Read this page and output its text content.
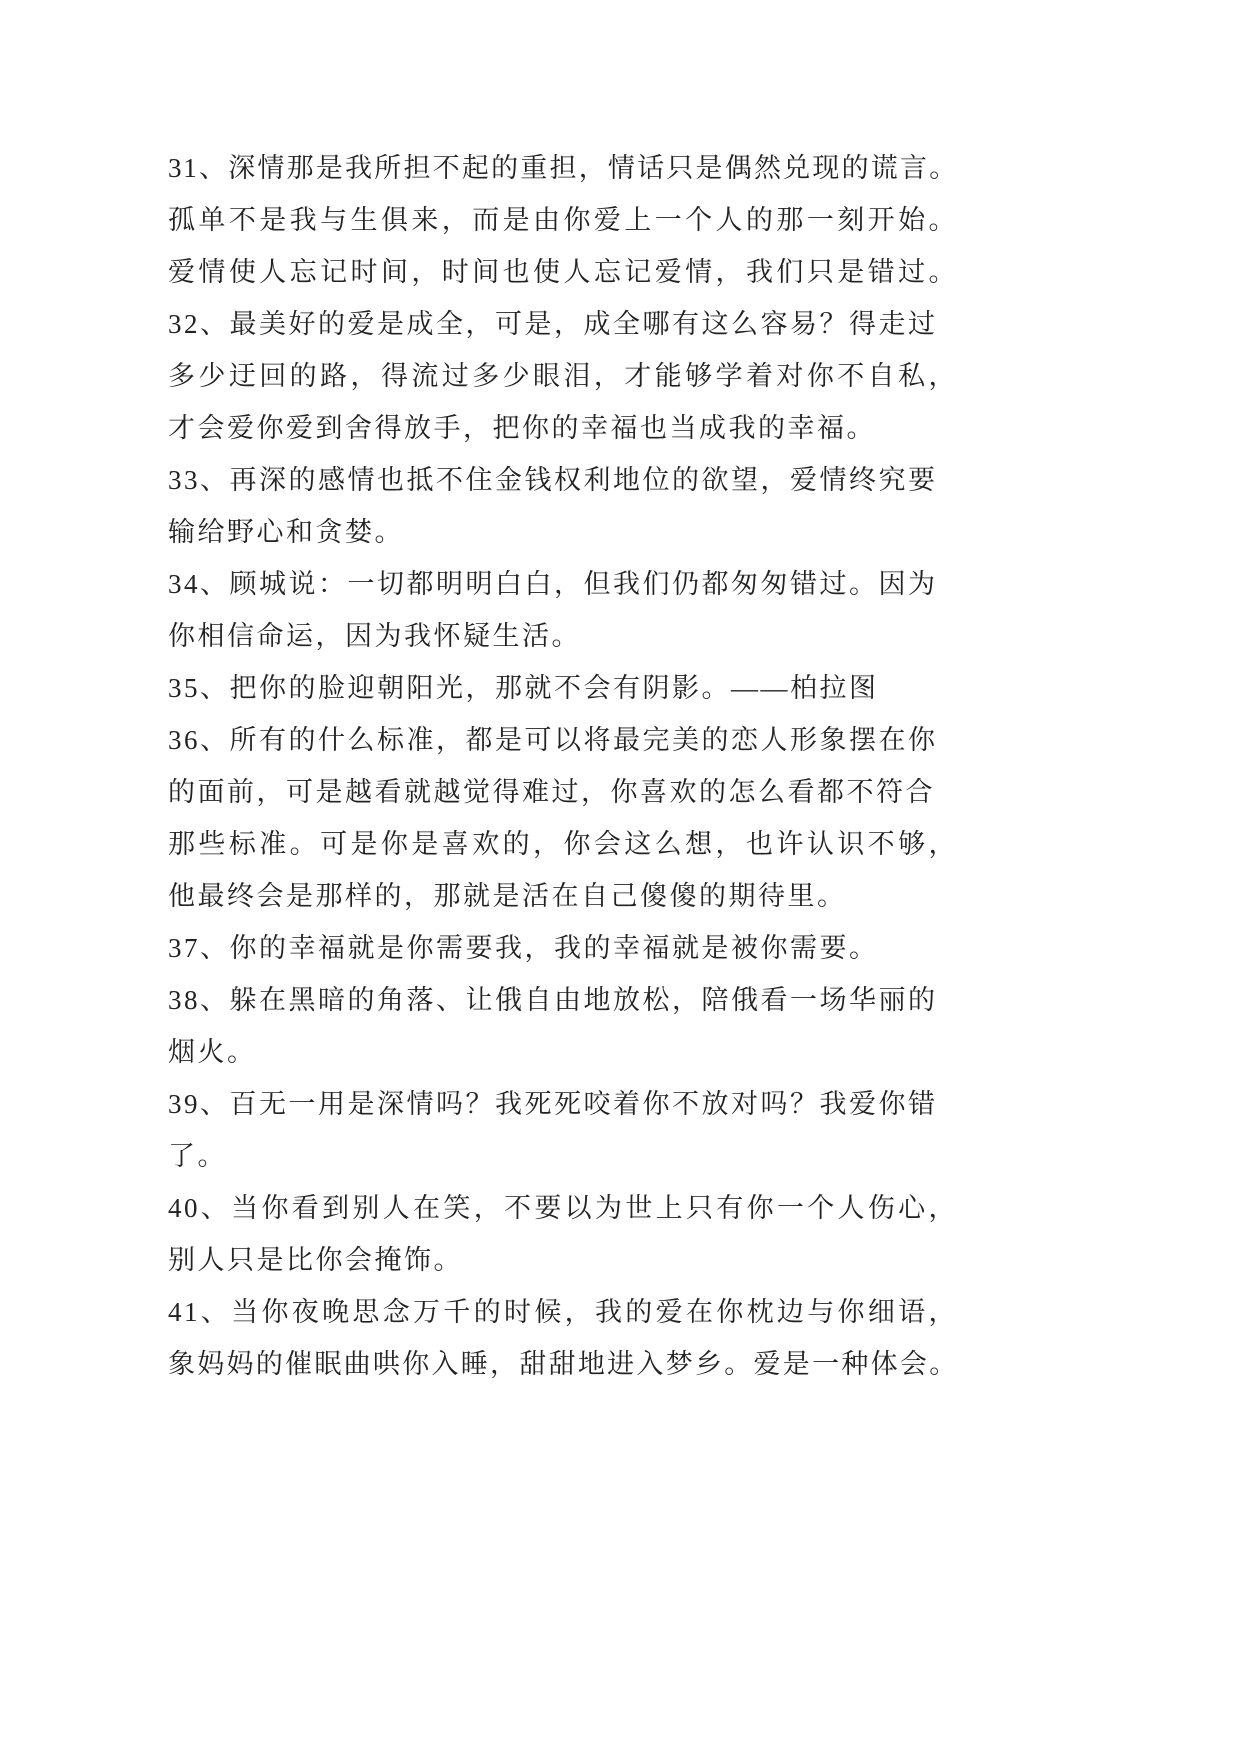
31、深情那是我所担不起的重担，情话只是偶然兑现的谎言。
孤单不是我与生俱来，而是由你爱上一个人的那一刻开始。
爱情使人忘记时间，时间也使人忘记爱情，我们只是错过。
32、最美好的爱是成全，可是，成全哪有这么容易？得走过
多少迂回的路，得流过多少眼泪，才能够学着对你不自私，
才会爱你爱到舍得放手，把你的幸福也当成我的幸福。
33、再深的感情也抵不住金钱权利地位的欲望，爱情终究要
输给野心和贪婪。
34、顾城说：一切都明明白白，但我们仍都匆匆错过。因为
你相信命运，因为我怀疑生活。
35、把你的脸迎朝阳光，那就不会有阴影。——柏拉图
36、所有的什么标准，都是可以将最完美的恋人形象摆在你
的面前，可是越看就越觉得难过，你喜欢的怎么看都不符合
那些标准。可是你是喜欢的，你会这么想，也许认识不够，
他最终会是那样的，那就是活在自己傻傻的期待里。
37、你的幸福就是你需要我，我的幸福就是被你需要。
38、躲在黑暗的角落、让俄自由地放松，陪俄看一场华丽的
烟火。
39、百无一用是深情吗？我死死咬着你不放对吗？我爱你错
了。
40、当你看到别人在笑，不要以为世上只有你一个人伤心，
别人只是比你会掩饰。
41、当你夜晚思念万千的时候，我的爱在你枕边与你细语，
象妈妈的催眠曲哄你入睡，甜甜地进入梦乡。爱是一种体会。
